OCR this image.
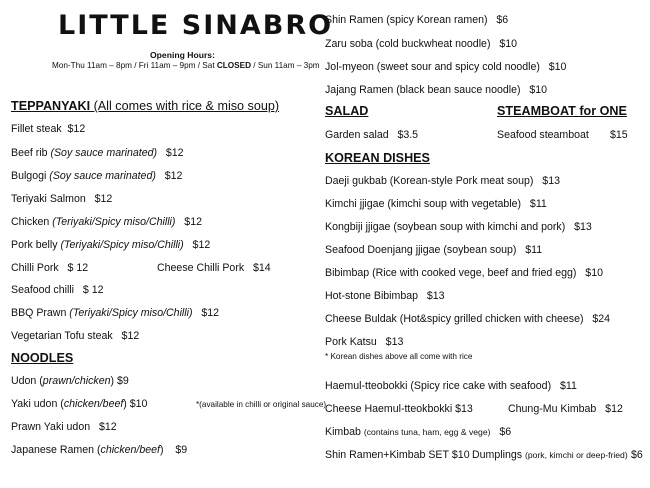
LITTLE SINABRO
Opening Hours:
Mon-Thu 11am – 8pm / Fri 11am – 9pm / Sat CLOSED / Sun 11am – 3pm
TEPPANYAKI (All comes with rice & miso soup)
Fillet steak $12
Beef rib (Soy sauce marinated) $12
Bulgogi (Soy sauce marinated) $12
Teriyaki Salmon $12
Chicken (Teriyaki/Spicy miso/Chilli) $12
Pork belly (Teriyaki/Spicy miso/Chilli) $12
Chilli Pork $ 12	Cheese Chilli Pork $14
Seafood chilli $ 12
BBQ Prawn (Teriyaki/Spicy miso/Chilli) $12
Vegetarian Tofu steak $12
NOODLES
Udon (prawn/chicken) $9
Yaki udon (chicken/beef) $10	*(available in chilli or original sauce)
Prawn Yaki udon $12
Japanese Ramen (chicken/beef) $9
Shin Ramen (spicy Korean ramen) $6
Zaru soba (cold buckwheat noodle) $10
Jol-myeon (sweet sour and spicy cold noodle) $10
Jajang Ramen (black bean sauce noodle) $10
SALAD
Garden salad $3.5
STEAMBOAT for ONE
Seafood steamboat $15
KOREAN DISHES
Daeji gukbab (Korean-style Pork meat soup) $13
Kimchi jjigae (kimchi soup with vegetable) $11
Kongbiji jjigae (soybean soup with kimchi and pork) $13
Seafood Doenjang jjigae (soybean soup) $11
Bibimbap (Rice with cooked vege, beef and fried egg) $10
Hot-stone Bibimbap $13
Cheese Buldak (Hot&spicy grilled chicken with cheese) $24
Pork Katsu $13
* Korean dishes above all come with rice
Haemul-tteobokki (Spicy rice cake with seafood) $11
Cheese Haemul-tteokbokki $13	Chung-Mu Kimbab $12
Kimbab (contains tuna, ham, egg & vege) $6
Shin Ramen+Kimbab SET $10 Dumplings (pork, kimchi or deep-fried) $6
